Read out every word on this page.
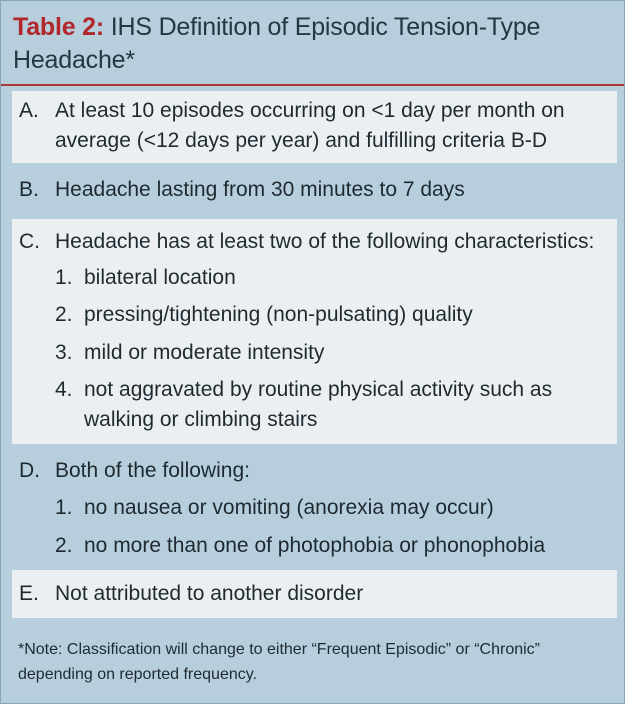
Table 2: IHS Definition of Episodic Tension-Type Headache*
A. At least 10 episodes occurring on <1 day per month on average (<12 days per year) and fulfilling criteria B-D
B. Headache lasting from 30 minutes to 7 days
C. Headache has at least two of the following characteristics:
1. bilateral location
2. pressing/tightening (non-pulsating) quality
3. mild or moderate intensity
4. not aggravated by routine physical activity such as walking or climbing stairs
D. Both of the following:
1. no nausea or vomiting (anorexia may occur)
2. no more than one of photophobia or phonophobia
E. Not attributed to another disorder
*Note: Classification will change to either “Frequent Episodic” or “Chronic” depending on reported frequency.
